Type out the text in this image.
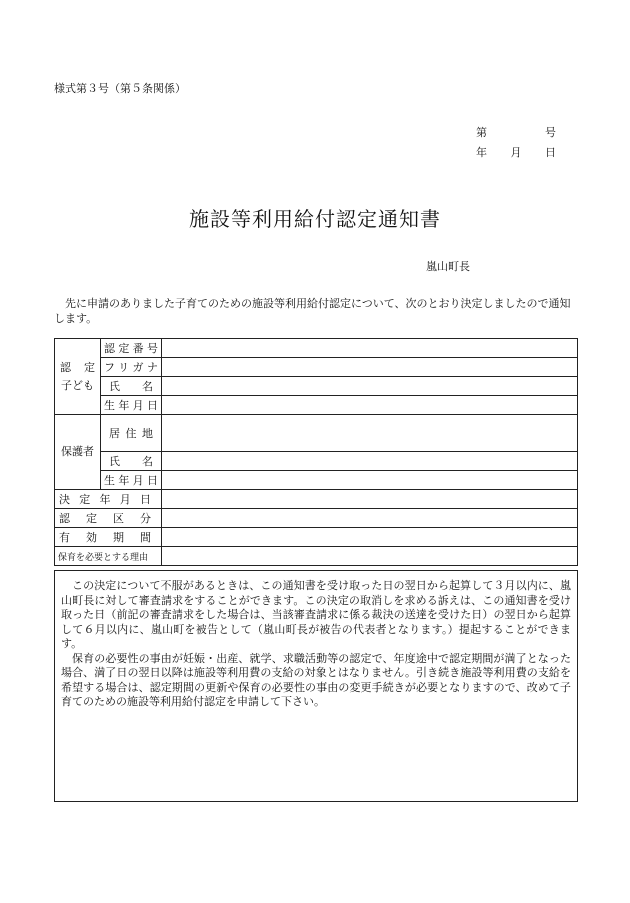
様式第３号（第５条関係）
第	号
年 月 日
施設等利用給付認定通知書
嵐山町長
先に申請のありました子育てのための施設等利用給付認定について、次のとおり決定しましたので通知します。
認　定
子ども	認定番号	
	フリガナ	
	氏　名	
	生年月日	
保護者	居住地	
	氏　名	
	生年月日	
決定年月日		
認定区分		
有効期間		
保育を必要とする理由		

この決定について不服があるときは、この通知書を受け取った日の翌日から起算して３月以内に、嵐山町長に対して審査請求をすることができます。この決定の取消しを求める訴えは、この通知書を受け取った日（前記の審査請求をした場合は、当該審査請求に係る裁決の送達を受けた日）の翌日から起算して６月以内に、嵐山町を被告として（嵐山町長が被告の代表者となります。）提起することができます。

保育の必要性の事由が妊娠・出産、就学、求職活動等の認定で、年度途中で認定期間が満了となった場合、満了日の翌日以降は施設等利用費の支給の対象とはなりません。引き続き施設等利用費の支給を希望する場合は、認定期間の更新や保育の必要性の事由の変更手続きが必要となりますので、改めて子育てのための施設等利用給付認定を申請して下さい。
